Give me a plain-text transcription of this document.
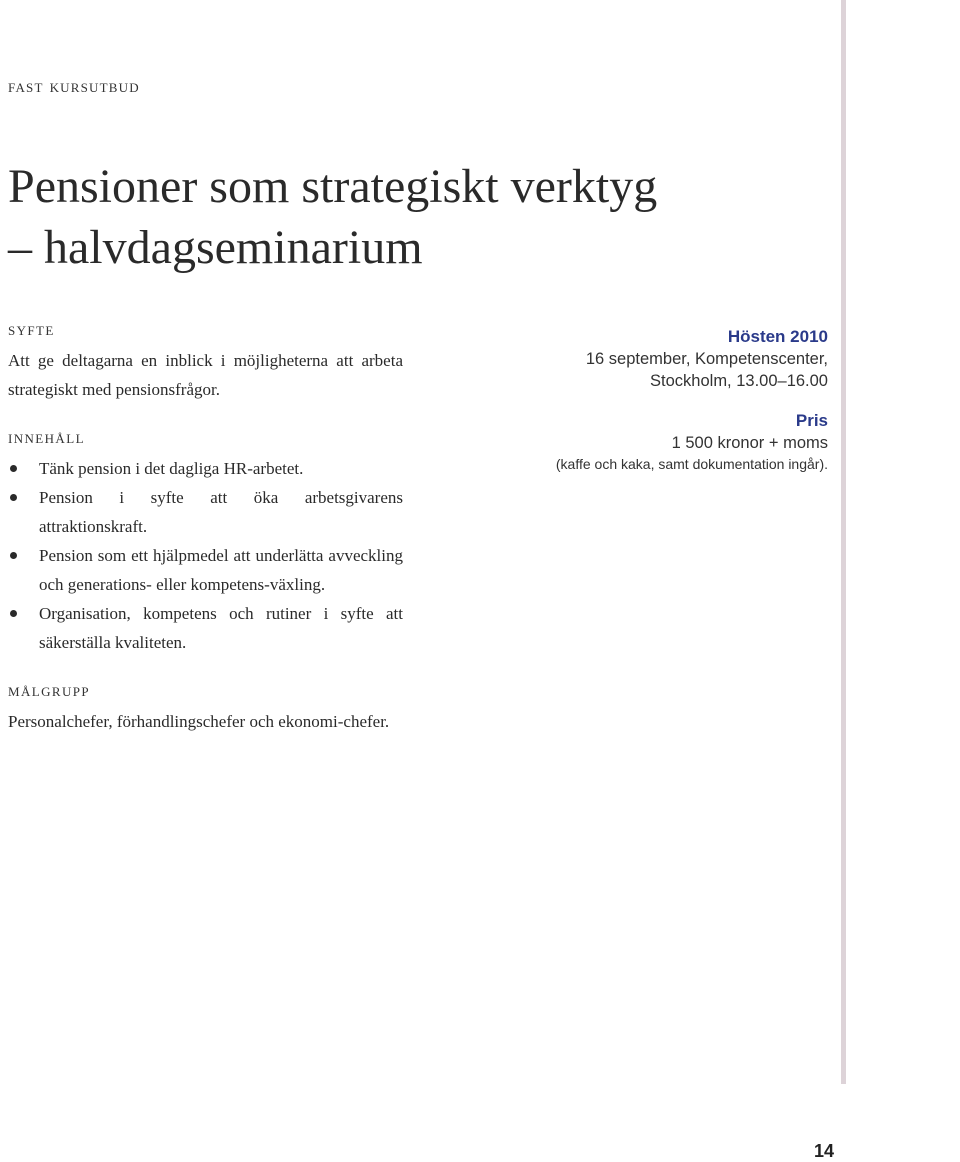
fast kursutbud
Pensioner som strategiskt verktyg
– halvdagseminarium
syfte

Att ge deltagarna en inblick i möjligheterna att arbeta strategiskt med pensionsfrågor.

innehåll
Tänk pension i det dagliga HR-arbetet.
Pension i syfte att öka arbetsgivarens attraktionskraft.
Pension som ett hjälpmedel att underlätta avveckling och generations- eller kompetens-växling.
Organisation, kompetens och rutiner i syfte att säkerställa kvaliteten.
målgrupp

Personalchefer, förhandlingschefer och ekonomi-chefer.

Hösten 2010
16 september, Kompetenscenter,
Stockholm, 13.00–16.00
Pris
1 500 kronor + moms
(kaffe och kaka, samt dokumentation ingår).
14
